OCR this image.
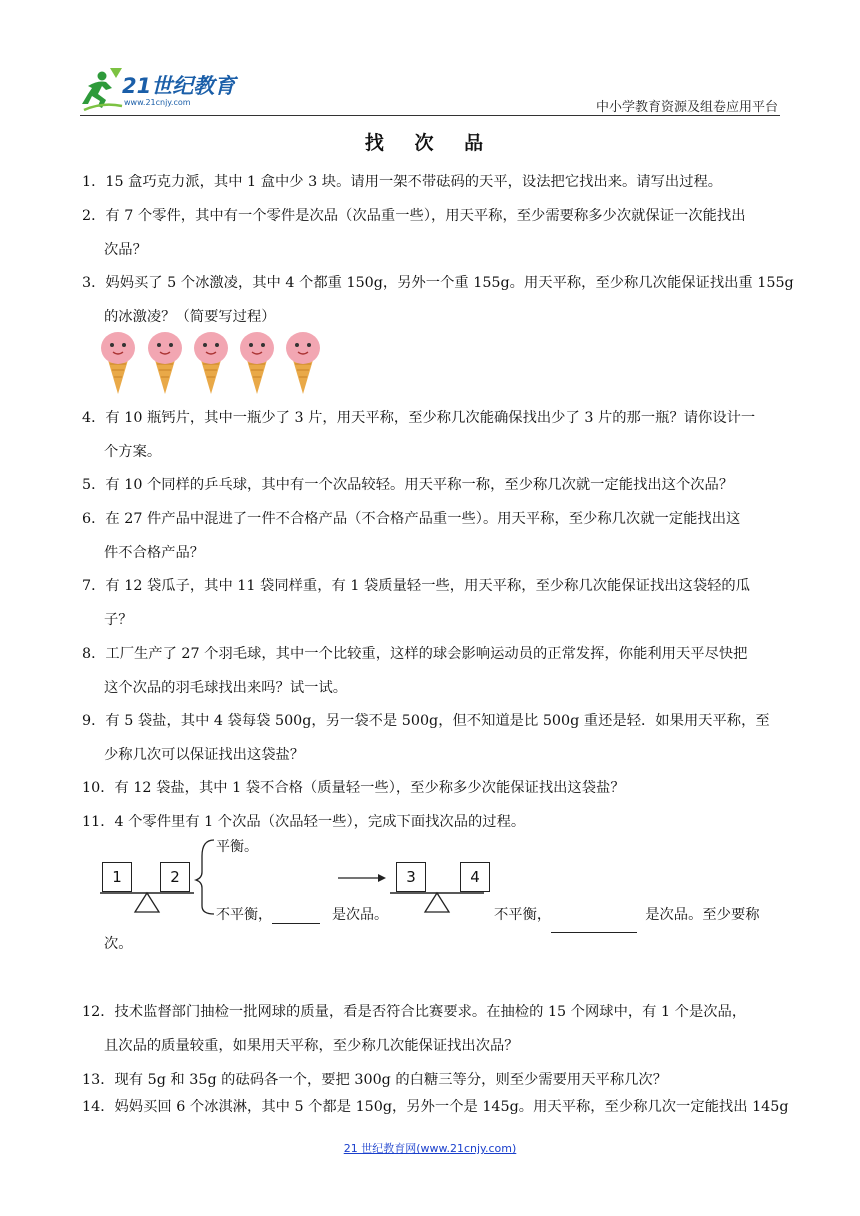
21世纪教育
www.21cnjy.com	中小学教育资源及组卷应用平台
找 次 品
1．15 盒巧克力派，其中 1 盒中少 3 块。请用一架不带砝码的天平，设法把它找出来。请写出过程。
2．有 7 个零件，其中有一个零件是次品（次品重一些），用天平称，至少需要称多少次就保证一次能找出
次品？
3．妈妈买了 5 个冰激凌，其中 4 个都重 150g，另外一个重 155g。用天平称，至少称几次能保证找出重 155g
的冰激凌？（简要写过程）
4．有 10 瓶钙片，其中一瓶少了 3 片，用天平称，至少称几次能确保找出少了 3 片的那一瓶？请你设计一
个方案。
5．有 10 个同样的乒乓球，其中有一个次品较轻。用天平称一称，至少称几次就一定能找出这个次品？
6．在 27 件产品中混进了一件不合格产品（不合格产品重一些）。用天平称，至少称几次就一定能找出这
件不合格产品？
7．有 12 袋瓜子，其中 11 袋同样重，有 1 袋质量轻一些，用天平称，至少称几次能保证找出这袋轻的瓜
子？
8．工厂生产了 27 个羽毛球，其中一个比较重，这样的球会影响运动员的正常发挥，你能利用天平尽快把
这个次品的羽毛球找出来吗？试一试。
9．有 5 袋盐，其中 4 袋每袋 500g，另一袋不是 500g，但不知道是比 500g 重还是轻．如果用天平称，至
少称几次可以保证找出这袋盐？
10．有 12 袋盐，其中 1 袋不合格（质量轻一些），至少称多少次能保证找出这袋盐？
11．4 个零件里有 1 个次品（次品轻一些），完成下面找次品的过程。
1	2	3	4
平衡。
不平衡，	是次品。	不平衡，	是次品。至少要称
次。
12．技术监督部门抽检一批网球的质量，看是否符合比赛要求。在抽检的 15 个网球中，有 1 个是次品，
且次品的质量较重，如果用天平称，至少称几次能保证找出次品？
13．现有 5g 和 35g 的砝码各一个，要把 300g 的白糖三等分，则至少需要用天平称几次？
14．妈妈买回 6 个冰淇淋，其中 5 个都是 150g，另外一个是 145g。用天平称，至少称几次一定能找出 145g
21 世纪教育网(www.21cnjy.com)
